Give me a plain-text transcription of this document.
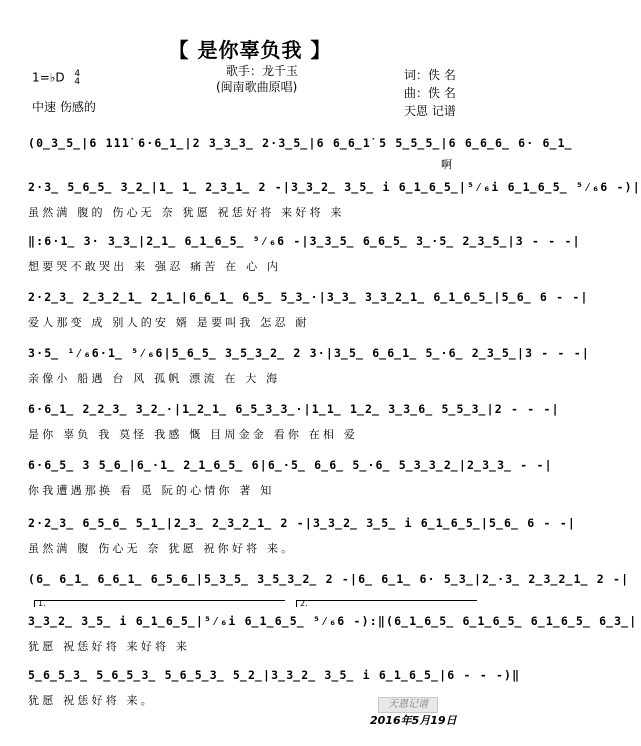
【 是你辜负我 】
歌手：龙千玉
(闽南歌曲原唱)
词：佚 名
曲：佚 名
天恩 记谱
1=♭D 4
4
中速 伤感的
(0̲3̲5̲|6 1̇1̇1̇ 6·6̲1̲|2 3̲3̲3̲ 2·3̲5̲|6 6̲6̲1̇ 5 5̲5̲5̲|6 6̲6̲6̲ 6· 6̲1̲
啊
2·3̲ 5̲6̲5̲ 3̲2̲|1̲ 1̲ 2̲3̲1̲ 2 -|3̲3̲2̲ 3̲5̲ i 6̲1̲6̲5̲|⁵⁄₆i 6̲1̲6̲5̲ ⁵⁄₆6 -)|
虽然满 腹的 伤心无 奈 犹愿 祝恁好将 来好将 来
‖:6·1̲ 3· 3̲3̲|2̲1̲ 6̲1̲6̲5̲ ⁵⁄₆6 -|3̲3̲5̲ 6̲6̲5̲ 3̲·5̲ 2̲3̲5̲|3 - - -|
想要哭不敢哭出 来 强忍 痛苦 在 心 内
2·2̲3̲ 2̲3̲2̲1̲ 2̲1̲|6̲6̲1̲ 6̲5̲ 5̲3̲·|3̲3̲ 3̲3̲2̲1̲ 6̲1̲6̲5̲|5̲6̲ 6 - -|
爱人那变 成 别人的安 婿 是要叫我 怎忍 耐
3·5̲ ¹⁄₆6·1̲ ⁵⁄₆6|5̲6̲5̲ 3̲5̲3̲2̲ 2 3·|3̲5̲ 6̲6̲1̲ 5̲·6̲ 2̲3̲5̲|3 - - -|
亲像小 船遇 台 风 孤帆 漂流 在 大 海
6·6̲1̲ 2̲2̲3̲ 3̲2̲·|1̲2̲1̲ 6̲5̲3̲3̲·|1̲1̲ 1̲2̲ 3̲3̲6̲ 5̲5̲3̲|2 - - -|
是你 辜负 我 莫怪 我感 慨 目周金金 看你 在相 爱
6·6̲5̲ 3 5̲6̲|6̲·1̲ 2̲1̲6̲5̲ 6|6̲·5̲ 6̲6̲ 5̲·6̲ 5̲3̲3̲2̲|2̲3̲3̲ - -|
你我遭遇那换 看 觅 阮的心情你 著 知
2·2̲3̲ 6̲5̲6̲ 5̲1̲|2̲3̲ 2̲3̲2̲1̲ 2 -|3̲3̲2̲ 3̲5̲ i 6̲1̲6̲5̲|5̲6̲ 6 - -|
虽然满 腹 伤心无 奈 犹愿 祝你好将 来。
(6̲ 6̲1̲ 6̲6̲1̲ 6̲5̲6̲|5̲3̲5̲ 3̲5̲3̲2̲ 2 -|6̲ 6̲1̲ 6· 5̲3̲|2̲·3̲ 2̲3̲2̲1̲ 2 -|
1.	2.
3̲3̲2̲ 3̲5̲ i 6̲1̲6̲5̲|⁵⁄₆i 6̲1̲6̲5̲ ⁵⁄₆6 -):‖(6̲1̲6̲5̲ 6̲1̲6̲5̲ 6̲1̲6̲5̲ 6̲3̲|
犹愿 祝恁好将 来好将 来
5̲6̲5̲3̲ 5̲6̲5̲3̲ 5̲6̲5̲3̲ 5̲2̲|3̲3̲2̲ 3̲5̲ i 6̲1̲6̲5̲|6 - - -)‖
犹愿 祝恁好将 来。	天恩记谱
2016年5月19日
